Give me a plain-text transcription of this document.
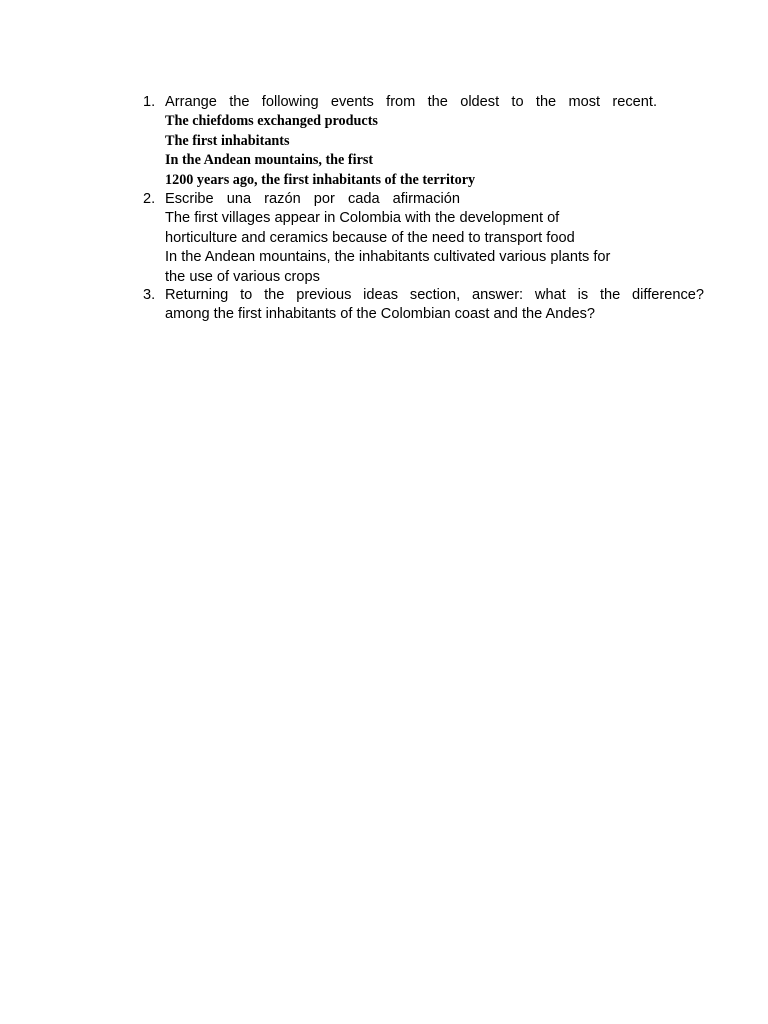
1. Arrange the following events from the oldest to the most recent.
The chiefdoms exchanged products
The first inhabitants
In the Andean mountains, the first
1200 years ago, the first inhabitants of the territory
2. Escribe una razón por cada afirmación
The first villages appear in Colombia with the development of
horticulture and ceramics because of the need to transport food
In the Andean mountains, the inhabitants cultivated various plants for
the use of various crops
3. Returning to the previous ideas section, answer: what is the difference?
among the first inhabitants of the Colombian coast and the Andes?
